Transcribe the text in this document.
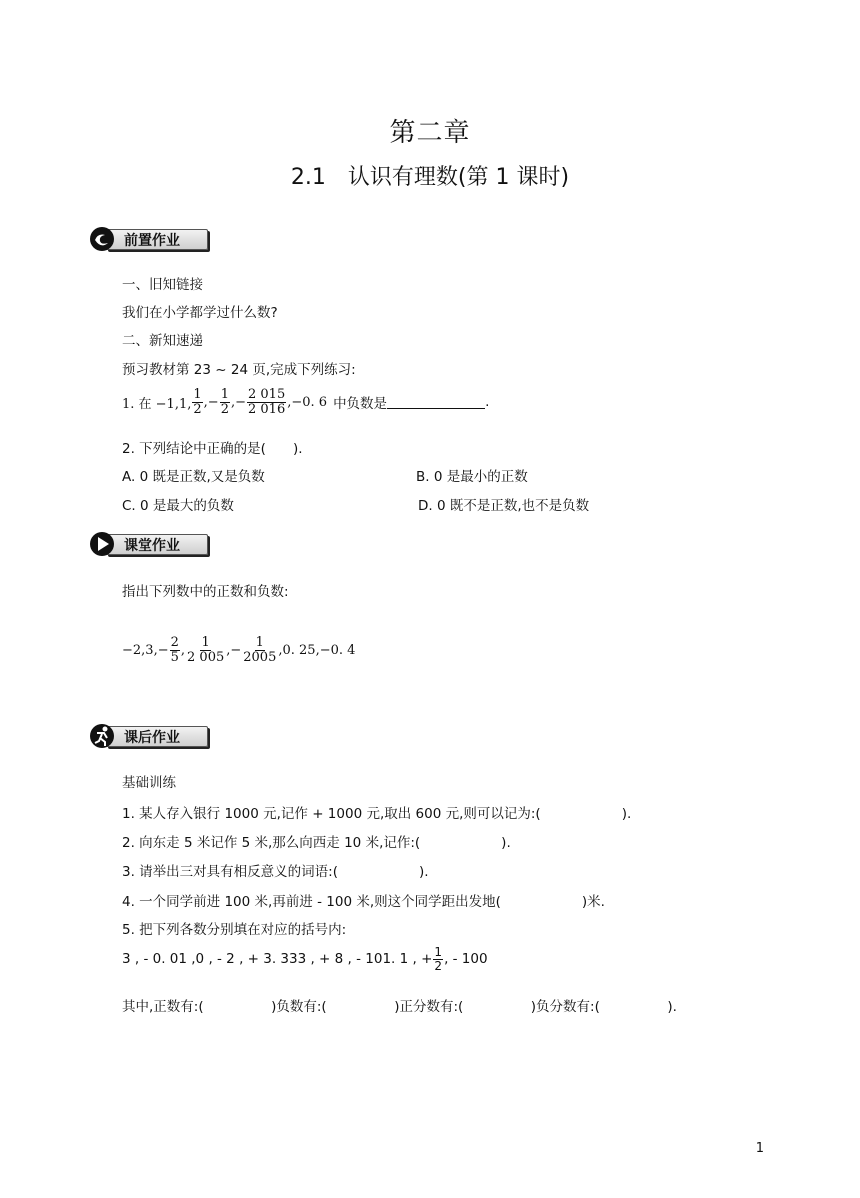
第二章
2.1　认识有理数(第 1 课时)
前置作业
一、旧知链接
我们在小学都学过什么数?
二、新知速递
预习教材第 23 ~ 24 页,完成下列练习:
1. 在 −1,1, $\frac{1}{2}$ ,− $\frac{1}{2}$ ,− $\frac{2 015}{2 016} ,-0$. 6 中负数是	.
2. 下列结论中正确的是(　　).
A. 0 既是正数,又是负数	B. 0 是最小的正数
C. 0 是最大的负数	D. 0 既不是正数,也不是负数
课堂作业
指出下列数中的正数和负数:
$-2,3,- \frac{2}{5}$ , $\frac{1}{2 005}$ ,− $\frac{1}{2005} ,0$. 25,−0. 4
课后作业
基础训练
1. 某人存入银行 1000 元,记作 + 1000 元,取出 600 元,则可以记为:(　　　　　　).
2. 向东走 5 米记作 5 米,那么向西走 10 米,记作:(　　　　　　).
3. 请举出三对具有相反意义的词语:(　　　　　　).
4. 一个同学前进 100 米,再前进 - 100 米,则这个同学距出发地(　　　　　　)米.
5. 把下列各数分别填在对应的括号内:
3 , - 0. 01 ,0 , - 2 , + 3. 333 , + 8 , - 101. 1 , + $\frac{1}{2}$ , - 100
其中,正数有:(　　　　　)负数有:(　　　　　)正分数有:(　　　　　)负分数有:(　　　　　).
1
